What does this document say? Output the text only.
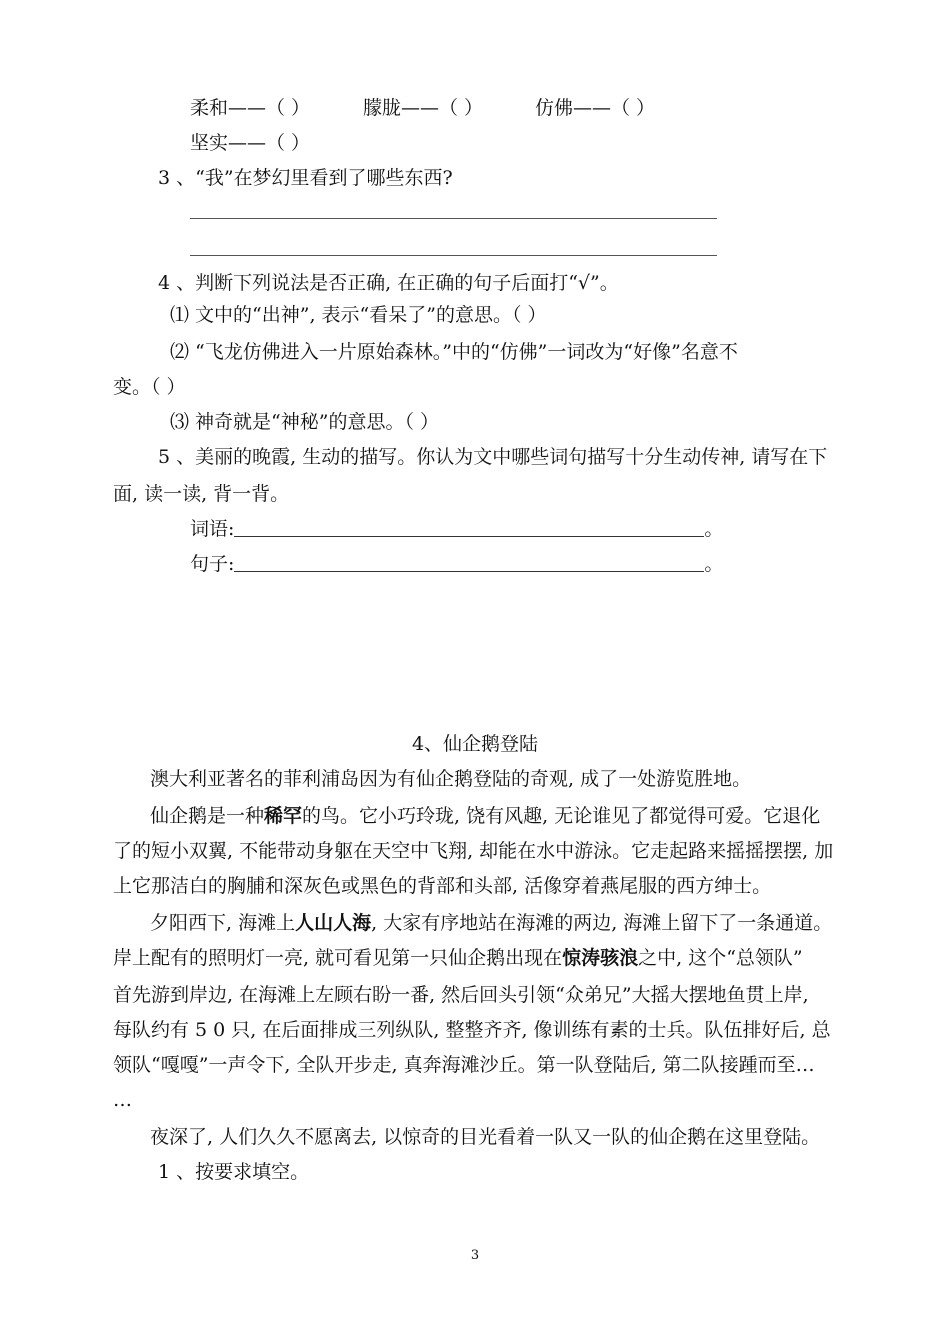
柔和——（ ）	朦胧——（ ）	仿佛——（ ）
坚实——（ ）
3 、“我”在梦幻里看到了哪些东西?
4 、判断下列说法是否正确, 在正确的句子后面打“√”。
⑴ 文中的“出神”, 表示“看呆了”的意思。（ ）
⑵ “飞龙仿佛进入一片原始森林。”中的“仿佛”一词改为“好像”名意不
变。（ ）
⑶ 神奇就是“神秘”的意思。（ ）
5 、美丽的晚霞, 生动的描写。你认为文中哪些词句描写十分生动传神, 请写在下
面, 读一读, 背一背。
词语:	。
句子:	。
4、仙企鹅登陆
澳大利亚著名的菲利浦岛因为有仙企鹅登陆的奇观, 成了一处游览胜地。
仙企鹅是一种稀罕的鸟。它小巧玲珑, 饶有风趣, 无论谁见了都觉得可爱。它退化
了的短小双翼, 不能带动身躯在天空中飞翔, 却能在水中游泳。它走起路来摇摇摆摆, 加
上它那洁白的胸脯和深灰色或黑色的背部和头部, 活像穿着燕尾服的西方绅士。
夕阳西下, 海滩上人山人海, 大家有序地站在海滩的两边, 海滩上留下了一条通道。
岸上配有的照明灯一亮, 就可看见第一只仙企鹅出现在惊涛骇浪之中, 这个“总领队”
首先游到岸边, 在海滩上左顾右盼一番, 然后回头引领“众弟兄”大摇大摆地鱼贯上岸,
每队约有 5 0 只, 在后面排成三列纵队, 整整齐齐, 像训练有素的士兵。队伍排好后, 总
领队“嘎嘎”一声令下, 全队开步走, 真奔海滩沙丘。第一队登陆后, 第二队接踵而至…
…
夜深了, 人们久久不愿离去, 以惊奇的目光看着一队又一队的仙企鹅在这里登陆。
1 、按要求填空。
3
